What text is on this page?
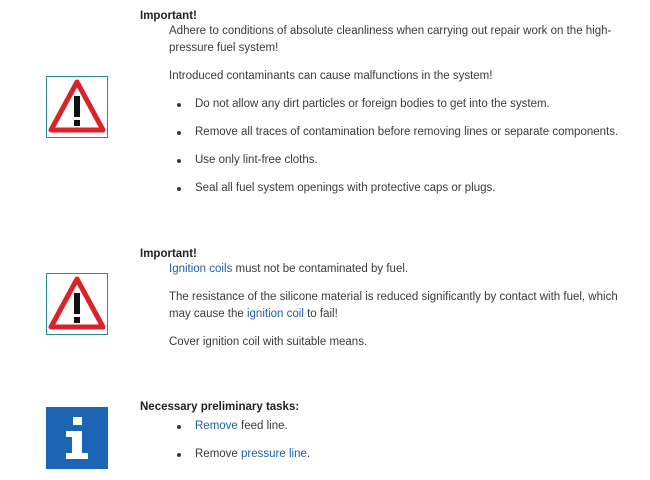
Important!

Adhere to conditions of absolute cleanliness when carrying out repair work on the high-pressure fuel system!

Introduced contaminants can cause malfunctions in the system!

Do not allow any dirt particles or foreign bodies to get into the system.
Remove all traces of contamination before removing lines or separate components.
Use only lint-free cloths.
Seal all fuel system openings with protective caps or plugs.
Important!

Ignition coils must not be contaminated by fuel.

The resistance of the silicone material is reduced significantly by contact with fuel, which may cause the ignition coil to fail!

Cover ignition coil with suitable means.

Necessary preliminary tasks:
Remove feed line.
Remove pressure line.
